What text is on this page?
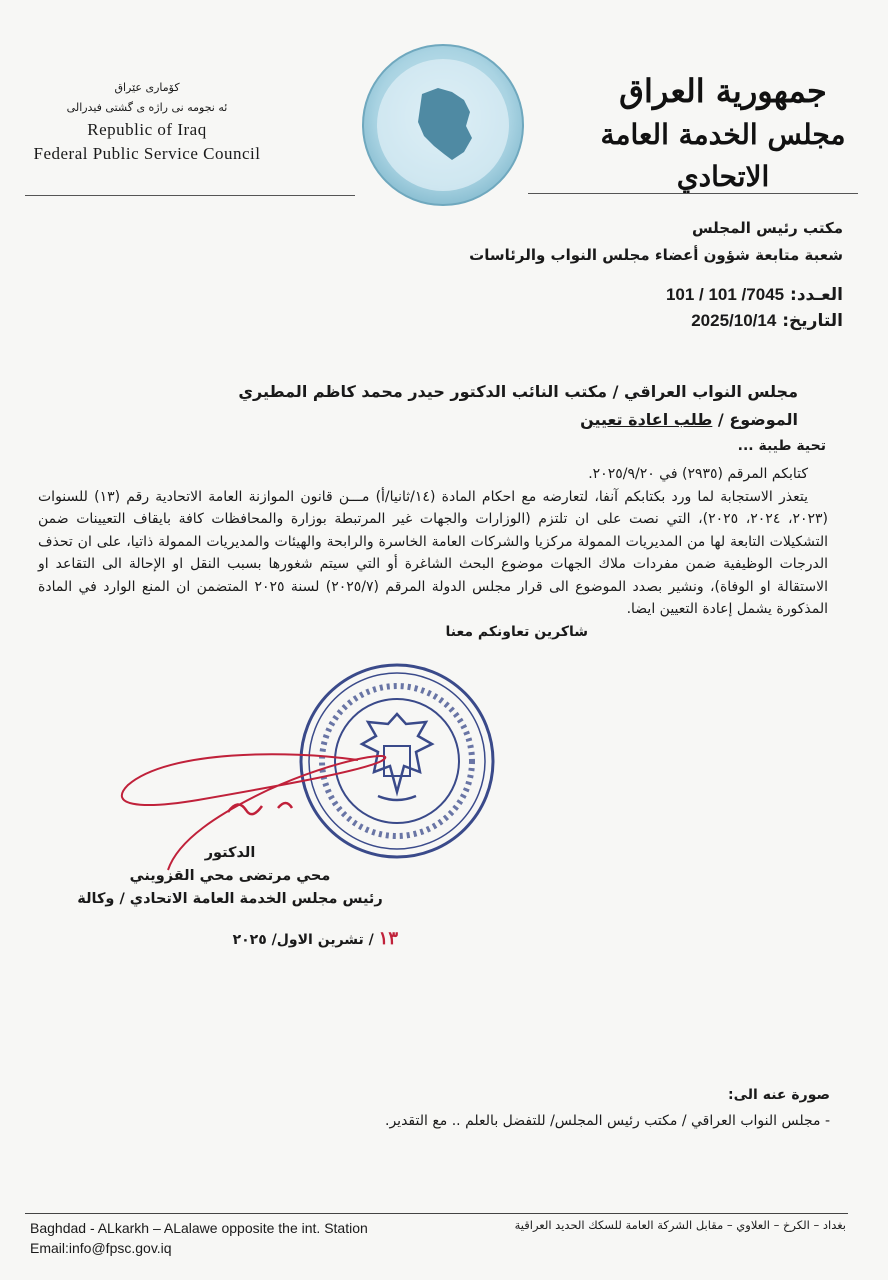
جمهورية العراق
مجلس الخدمة العامة الاتحادي
كۆماری عێراق
ئه نجومه نی راژه ی گشتی فیدرالی
Republic of Iraq
Federal Public Service Council
مكتب رئيس المجلس
شعبة متابعة شؤون أعضاء مجلس النواب والرئاسات
العـدد: 101 / 101 /7045
التاريخ: 2025/10/14
مجلس النواب العراقي / مكتب النائب الدكتور حيدر محمد كاظم المطيري
الموضوع / طلب اعادة تعيين
تحية طيبة ...

كتابكم المرقم (٢٩٣٥) في ٢٠٢٥/٩/٢٠.

يتعذر الاستجابة لما ورد بكتابكم آنفا، لتعارضه مع احكام المادة (١٤/ثانيا/أ) مـــن قانون الموازنة العامة الاتحادية رقم (١٣) للسنوات (٢٠٢٣، ٢٠٢٤، ٢٠٢٥)، التي نصت على ان تلتزم (الوزارات والجهات غير المرتبطة بوزارة والمحافظات كافة بايقاف التعيينات ضمن التشكيلات التابعة لها من المديريات الممولة مركزيا والشركات العامة الخاسرة والرابحة والهيئات والمديريات الممولة ذاتيا، على ان تحذف الدرجات الوظيفية ضمن مفردات ملاك الجهات موضوع البحث الشاغرة أو التي سيتم شغورها بسبب النقل او الإحالة الى التقاعد او الاستقالة او الوفاة)، ونشير بصدد الموضوع الى قرار مجلس الدولة المرقم (٢٠٢٥/٧) لسنة ٢٠٢٥ المتضمن ان المنع الوارد في المادة المذكورة يشمل إعادة التعيين ايضا.

شاكرين تعاونكم معنا

الدكتور
محي مرتضى محي القزويني
رئيس مجلس الخدمة العامة الاتحادي / وكالة
١٣ / تشرين الاول/ ٢٠٢٥
صورة عنه الى:
- مجلس النواب العراقي / مكتب رئيس المجلس/ للتفضل بالعلم .. مع التقدير.
Baghdad - ALkarkh – ALalawe opposite the int. Station
Email:info@fpsc.gov.iq
بغداد – الكرخ – العلاوي – مقابل الشركة العامة للسكك الحديد العراقية
